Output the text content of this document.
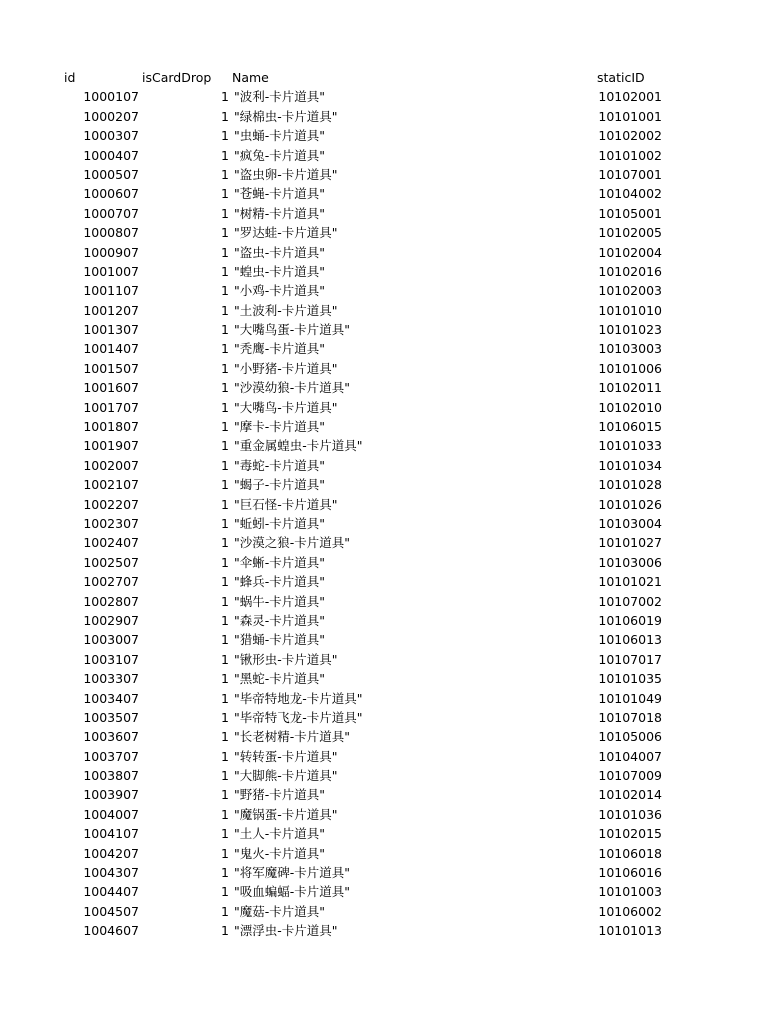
id	isCardDrop Name	staticID
1000107	1 "波利-卡片道具"	10102001
1000207	1 "绿棉虫-卡片道具"	10101001
1000307	1 "虫蛹-卡片道具"	10102002
1000407	1 "疯兔-卡片道具"	10101002
1000507	1 "盗虫卵-卡片道具"	10107001
1000607	1 "苍蝇-卡片道具"	10104002
1000707	1 "树精-卡片道具"	10105001
1000807	1 "罗达蛙-卡片道具"	10102005
1000907	1 "盗虫-卡片道具"	10102004
1001007	1 "蝗虫-卡片道具"	10102016
1001107	1 "小鸡-卡片道具"	10102003
1001207	1 "土波利-卡片道具"	10101010
1001307	1 "大嘴鸟蛋-卡片道具"	10101023
1001407	1 "秃鹰-卡片道具"	10103003
1001507	1 "小野猪-卡片道具"	10101006
1001607	1 "沙漠幼狼-卡片道具"	10102011
1001707	1 "大嘴鸟-卡片道具"	10102010
1001807	1 "摩卡-卡片道具"	10106015
1001907	1 "重金属蝗虫-卡片道具"	10101033
1002007	1 "毒蛇-卡片道具"	10101034
1002107	1 "蝎子-卡片道具"	10101028
1002207	1 "巨石怪-卡片道具"	10101026
1002307	1 "蚯蚓-卡片道具"	10103004
1002407	1 "沙漠之狼-卡片道具"	10101027
1002507	1 "伞蜥-卡片道具"	10103006
1002707	1 "蜂兵-卡片道具"	10101021
1002807	1 "蜗牛-卡片道具"	10107002
1002907	1 "森灵-卡片道具"	10106019
1003007	1 "猎蛹-卡片道具"	10106013
1003107	1 "锹形虫-卡片道具"	10107017
1003307	1 "黑蛇-卡片道具"	10101035
1003407	1 "毕帝特地龙-卡片道具"	10101049
1003507	1 "毕帝特飞龙-卡片道具"	10107018
1003607	1 "长老树精-卡片道具"	10105006
1003707	1 "转转蛋-卡片道具"	10104007
1003807	1 "大脚熊-卡片道具"	10107009
1003907	1 "野猪-卡片道具"	10102014
1004007	1 "魔锅蛋-卡片道具"	10101036
1004107	1 "土人-卡片道具"	10102015
1004207	1 "鬼火-卡片道具"	10106018
1004307	1 "将军魔碑-卡片道具"	10106016
1004407	1 "吸血蝙蝠-卡片道具"	10101003
1004507	1 "魔菇-卡片道具"	10106002
1004607	1 "漂浮虫-卡片道具"	10101013
